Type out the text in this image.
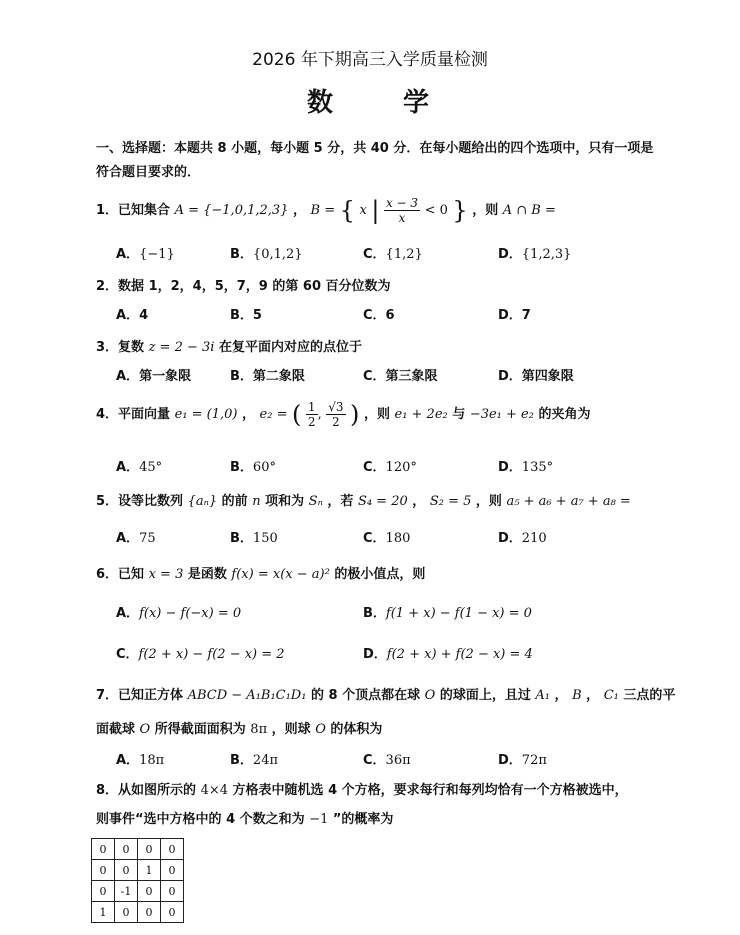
2026 年下期高三入学质量检测
数　学
一、选择题：本题共 8 小题，每小题 5 分，共 40 分．在每小题给出的四个选项中，只有一项是符合题目要求的．
1．已知集合 A = {−1,0,1,2,3} ， B = { x | $\frac{x - 3}{x} < 0$ } ，则 A ∩ B =
A．{−1}	B．{0,1,2}	C．{1,2}	D．{1,2,3}
2．数据 1，2，4，5，7，9 的第 60 百分位数为
A．4	B．5	C．6	D．7
3．复数 z = 2 − 3i 在复平面内对应的点位于
A．第一象限	B．第二象限	C．第三象限	D．第四象限
4．平面向量 e₁ = (1,0) ， e₂ = ( $\frac{1}{2}$ , $\frac{√3}{2}$ ) ，则 e₁ + 2e₂ 与 −3e₁ + e₂ 的夹角为
A．45°	B．60°	C．120°	D．135°
5．设等比数列 {aₙ} 的前 n 项和为 Sₙ ，若 S₄ = 20 ， S₂ = 5 ，则 a₅ + a₆ + a₇ + a₈ =
A．75	B．150	C．180	D．210
6．已知 x = 3 是函数 f(x) = x(x − a)² 的极小值点，则
A．f(x) − f(−x) = 0	B．f(1 + x) − f(1 − x) = 0
C．f(2 + x) − f(2 − x) = 2	D．f(2 + x) + f(2 − x) = 4
7．已知正方体 ABCD − A₁B₁C₁D₁ 的 8 个顶点都在球 O 的球面上，且过 A₁ ， B ， C₁ 三点的平
面截球 O 所得截面面积为 8π ，则球 O 的体积为
A．18π	B．24π	C．36π	D．72π
8．从如图所示的 4×4 方格表中随机选 4 个方格，要求每行和每列均恰有一个方格被选中，
则事件“选中方格中的 4 个数之和为 −1 ”的概率为
0	0	0	0
0	0	1	0
0	-1	0	0
1	0	0	0
